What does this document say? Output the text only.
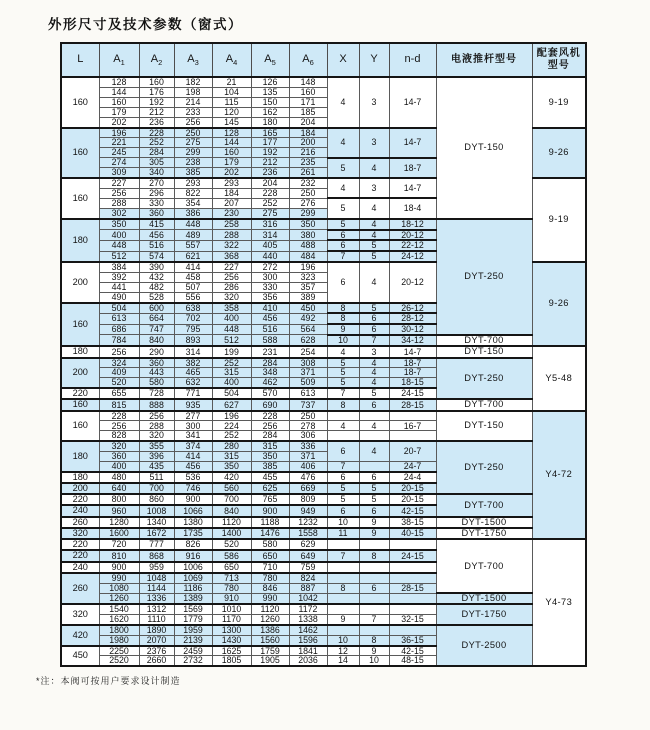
外形尺寸及技术参数（窗式）
L	$A_1$	$A_2$	$A_3$	$A_4$	$A_5$	$A_6$	X	Y	n-d	电液推杆型号	配套风机型号
160	128	160	182	21	126	148	4	3	14-7	DYT-150	9-19
	144	176	198	104	135	160					
	160	192	214	115	150	171					
	179	212	233	120	162	185					
	202	236	256	145	180	204					
160	196	228	250	128	165	184	4	3	14-7		9-26
	221	252	275	144	177	200					
	245	284	299	160	192	216					
	274	305	238	179	212	235	5	4	18-7		
	309	340	385	202	236	261					
160	227	270	293	293	204	232	4	3	14-7		9-19
	256	296	822	184	228	250					
	288	330	354	207	252	276	5	4	18-4		
	302	360	386	230	275	299					
180	350	415	448	258	316	350	5	4	18-12	DYT-250	
	400	456	489	288	314	380	6	4	20-12		
	448	516	557	322	405	488	6	5	22-12		
	512	574	621	368	440	484	7	5	24-12		
200	384	390	414	227	272	196	6	4	20-12		9-26
	392	432	458	256	300	323					
	441	482	507	286	330	357					
	490	528	556	320	356	389					
160	504	600	638	358	410	450	8	5	26-12		
	613	664	702	400	456	492	8	6	28-12		
	686	747	795	448	516	564	9	6	30-12		
	784	840	893	512	588	628	10	7	34-12	DYT-700	
180	256	290	314	199	231	254	4	3	14-7	DYT-150	Y5-48
200	324	360	382	252	284	308	5	4	18-7	DYT-250	
	409	443	465	315	348	371	5	4	18-7		
	520	580	632	400	462	509	5	4	18-15		
220	655	728	771	504	570	613	7	5	24-15		
160	815	888	935	627	690	737	8	6	28-15	DYT-700	
160	228	256	277	196	228	250				DYT-150	Y4-72
	256	288	300	224	256	278	4	4	16-7		
	828	320	341	252	284	306					
180	320	355	374	280	315	336	6	4	20-7	DYT-250	
	360	396	414	315	350	371					
	400	435	456	350	385	406	7		24-7		
180	480	511	536	420	455	476	6	6	24-4		
200	640	700	746	560	625	669	5	5	20-15		
220	800	860	900	700	765	809	5	5	20-15	DYT-700	
240	960	1008	1066	840	900	949	6	6	42-15		
260	1280	1340	1380	1120	1188	1232	10	9	38-15	DYT-1500	
320	1600	1672	1735	1400	1476	1558	11	9	40-15	DYT-1750	
220	720	777	826	520	580	629				DYT-700	Y4-73
220	810	868	916	586	650	649	7	8	24-15		
240	900	959	1006	650	710	759					
260	990	1048	1069	713	780	824					
	1080	1144	1186	780	846	887	8	6	28-15		
	1260	1336	1389	910	990	1042				DYT-1500	
320	1540	1312	1569	1010	1120	1172				DYT-1750	
	1620	1110	1779	1170	1260	1338	9	7	32-15		
420	1800	1890	1959	1300	1386	1462				DYT-2500	
	1980	2070	2139	1430	1560	1596	10	8	36-15		
450	2250	2376	2459	1625	1759	1841	12	9	42-15		
	2520	2660	2732	1805	1905	2036	14	10	48-15		
*注：本阀可按用户要求设计制造
